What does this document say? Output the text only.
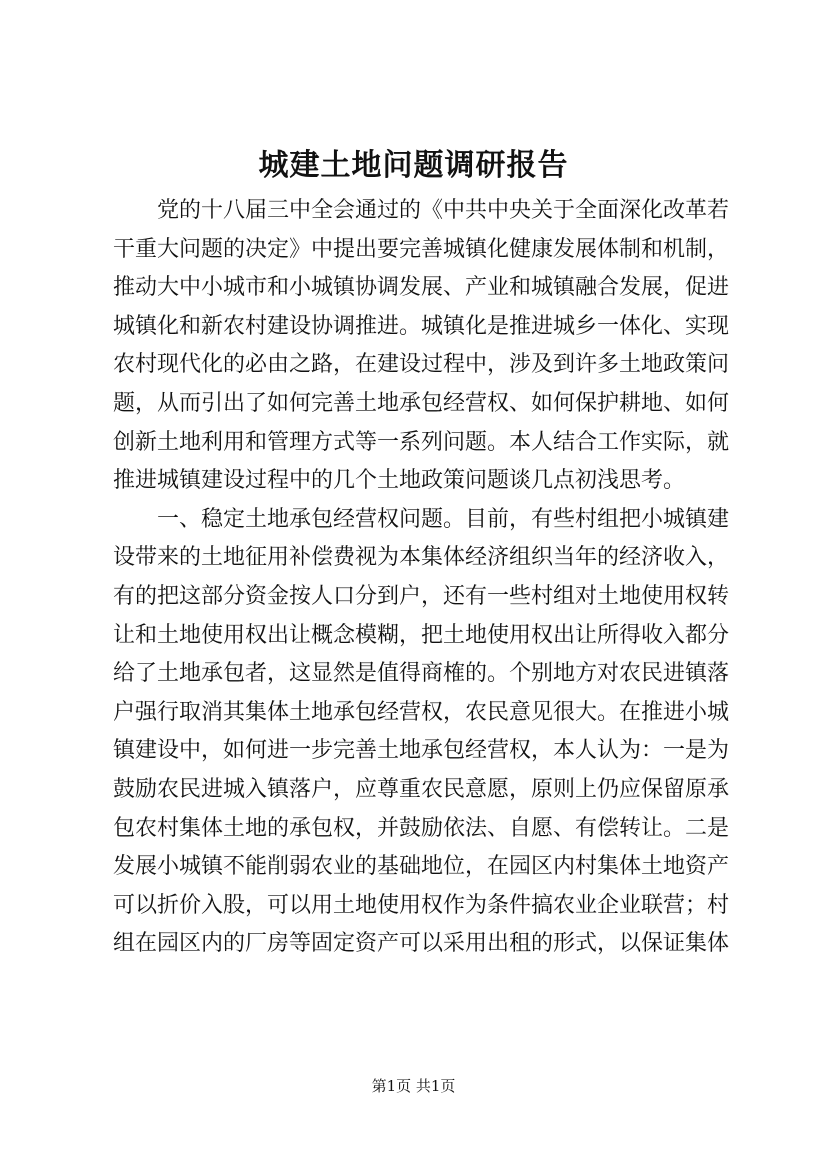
城建土地问题调研报告
党的十八届三中全会通过的《中共中央关于全面深化改革若
干重大问题的决定》中提出要完善城镇化健康发展体制和机制，
推动大中小城市和小城镇协调发展、产业和城镇融合发展，促进
城镇化和新农村建设协调推进。城镇化是推进城乡一体化、实现
农村现代化的必由之路，在建设过程中，涉及到许多土地政策问
题，从而引出了如何完善土地承包经营权、如何保护耕地、如何
创新土地利用和管理方式等一系列问题。本人结合工作实际，就
推进城镇建设过程中的几个土地政策问题谈几点初浅思考。
一、稳定土地承包经营权问题。目前，有些村组把小城镇建
设带来的土地征用补偿费视为本集体经济组织当年的经济收入，
有的把这部分资金按人口分到户，还有一些村组对土地使用权转
让和土地使用权出让概念模糊，把土地使用权出让所得收入都分
给了土地承包者，这显然是值得商榷的。个别地方对农民进镇落
户强行取消其集体土地承包经营权，农民意见很大。在推进小城
镇建设中，如何进一步完善土地承包经营权，本人认为：一是为
鼓励农民进城入镇落户，应尊重农民意愿，原则上仍应保留原承
包农村集体土地的承包权，并鼓励依法、自愿、有偿转让。二是
发展小城镇不能削弱农业的基础地位，在园区内村集体土地资产
可以折价入股，可以用土地使用权作为条件搞农业企业联营；村
组在园区内的厂房等固定资产可以采用出租的形式，以保证集体
第1页 共1页
